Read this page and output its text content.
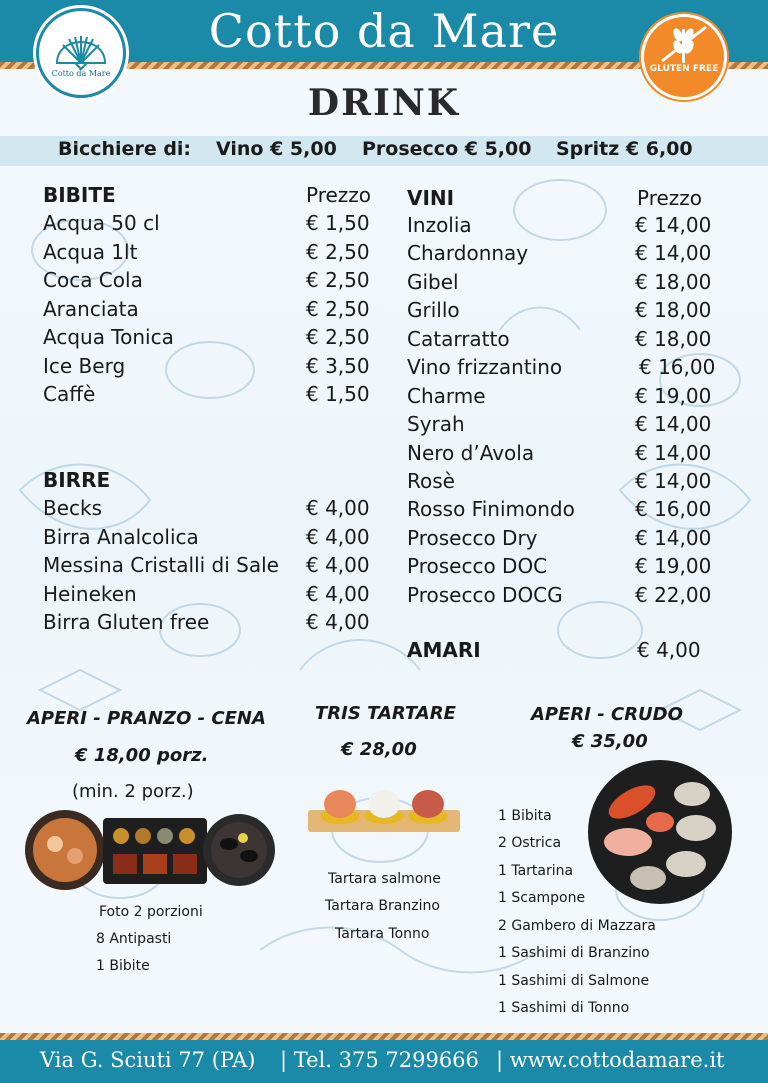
Cotto da Mare
Cotto da Mare	GLUTEN FREE
DRINK
Bicchiere di: Vino € 5,00 Prosecco € 5,00 Spritz € 6,00
BIBITE	Prezzo
Acqua 50 cl	€ 1,50
Acqua 1lt	€ 2,50
Coca Cola	€ 2,50
Aranciata	€ 2,50
Acqua Tonica	€ 2,50
Ice Berg	€ 3,50
Caffè	€ 1,50
BIRRE
Becks	€ 4,00
Birra Analcolica	€ 4,00
Messina Cristalli di Sale € 4,00
Heineken	€ 4,00
Birra Gluten free	€ 4,00
VINI	Prezzo
Inzolia	€ 14,00
Chardonnay	€ 14,00
Gibel	€ 18,00
Grillo	€ 18,00
Catarratto	€ 18,00
Vino frizzantino	€ 16,00
Charme	€ 19,00
Syrah	€ 14,00
Nero d’Avola	€ 14,00
Rosè	€ 14,00
Rosso Finimondo	€ 16,00
Prosecco Dry	€ 14,00
Prosecco DOC	€ 19,00
Prosecco DOCG	€ 22,00
AMARI	€ 4,00
APERI - PRANZO - CENA
€ 18,00 porz.
(min. 2 porz.)
Foto 2 porzioni
8 Antipasti
1 Bibite
TRIS TARTARE
€ 28,00
Tartara salmone
Tartara Branzino
Tartara Tonno
APERI - CRUDO
€ 35,00
1 Bibita
2 Ostrica
1 Tartarina
1 Scampone
2 Gambero di Mazzara
1 Sashimi di Branzino
1 Sashimi di Salmone
1 Sashimi di Tonno
Via G. Sciuti 77 (PA) | Tel. 375 7299666 | www.cottodamare.it
